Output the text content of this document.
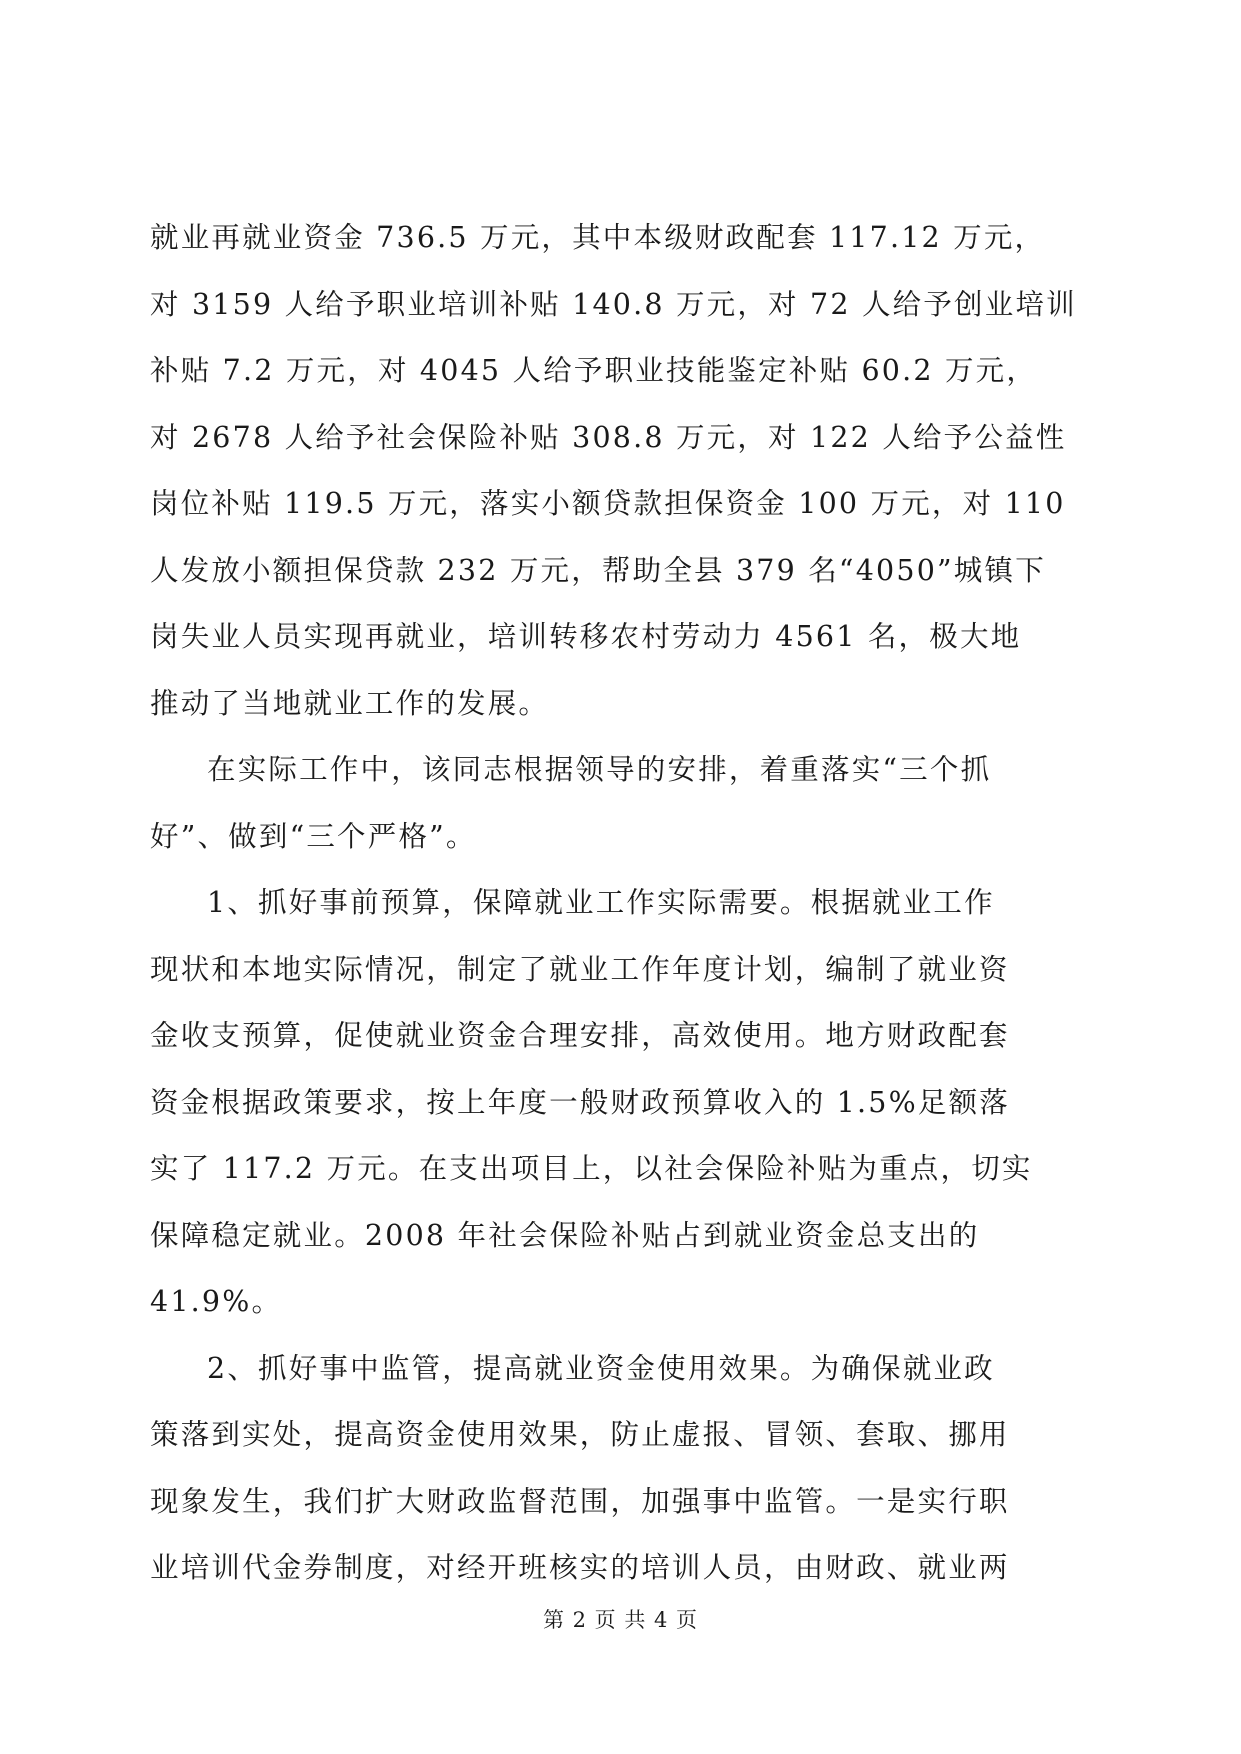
就业再就业资金 736.5 万元，其中本级财政配套 117.12 万元，
对 3159 人给予职业培训补贴 140.8 万元，对 72 人给予创业培训
补贴 7.2 万元，对 4045 人给予职业技能鉴定补贴 60.2 万元，
对 2678 人给予社会保险补贴 308.8 万元，对 122 人给予公益性
岗位补贴 119.5 万元，落实小额贷款担保资金 100 万元，对 110
人发放小额担保贷款 232 万元，帮助全县 379 名“4050”城镇下
岗失业人员实现再就业，培训转移农村劳动力 4561 名，极大地
推动了当地就业工作的发展。

在实际工作中，该同志根据领导的安排，着重落实“三个抓
好”、做到“三个严格”。

1、抓好事前预算，保障就业工作实际需要。根据就业工作
现状和本地实际情况，制定了就业工作年度计划，编制了就业资
金收支预算，促使就业资金合理安排，高效使用。地方财政配套
资金根据政策要求，按上年度一般财政预算收入的 1.5%足额落
实了 117.2 万元。在支出项目上，以社会保险补贴为重点，切实
保障稳定就业。2008 年社会保险补贴占到就业资金总支出的
41.9%。

2、抓好事中监管，提高就业资金使用效果。为确保就业政
策落到实处，提高资金使用效果，防止虚报、冒领、套取、挪用
现象发生，我们扩大财政监督范围，加强事中监管。一是实行职
业培训代金券制度，对经开班核实的培训人员，由财政、就业两

第 2 页 共 4 页
